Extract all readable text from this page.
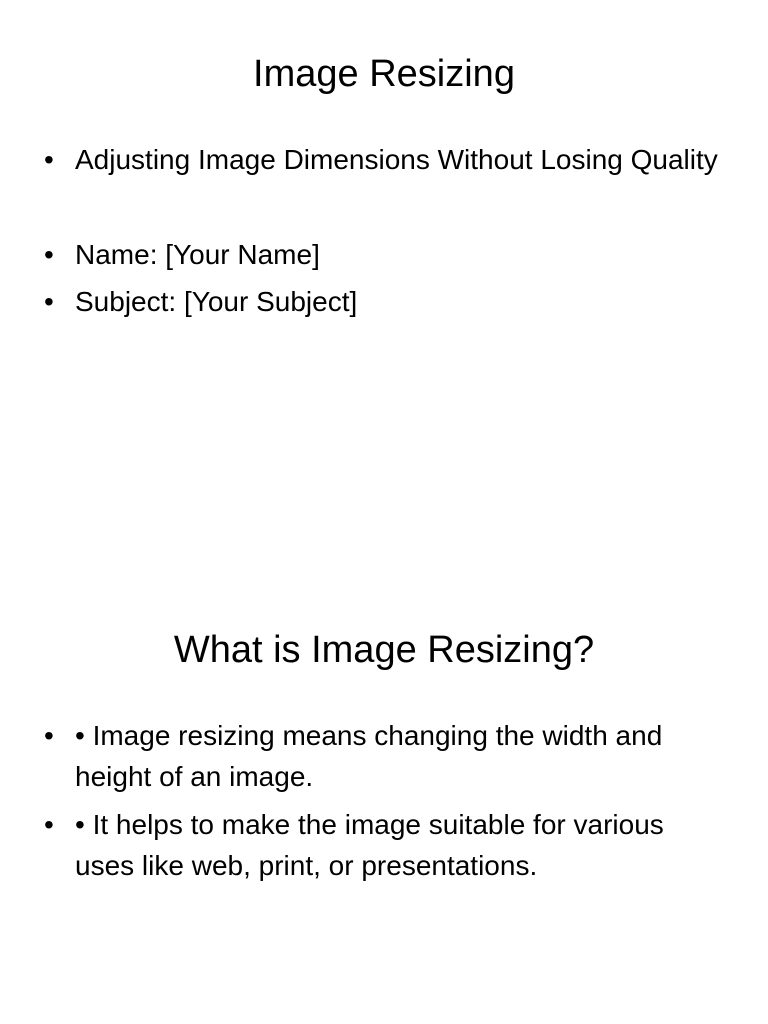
Image Resizing
• Adjusting Image Dimensions Without Losing Quality
• Name: [Your Name]
• Subject: [Your Subject]
What is Image Resizing?
• • Image resizing means changing the width and height of an image.
• • It helps to make the image suitable for various uses like web, print, or presentations.
